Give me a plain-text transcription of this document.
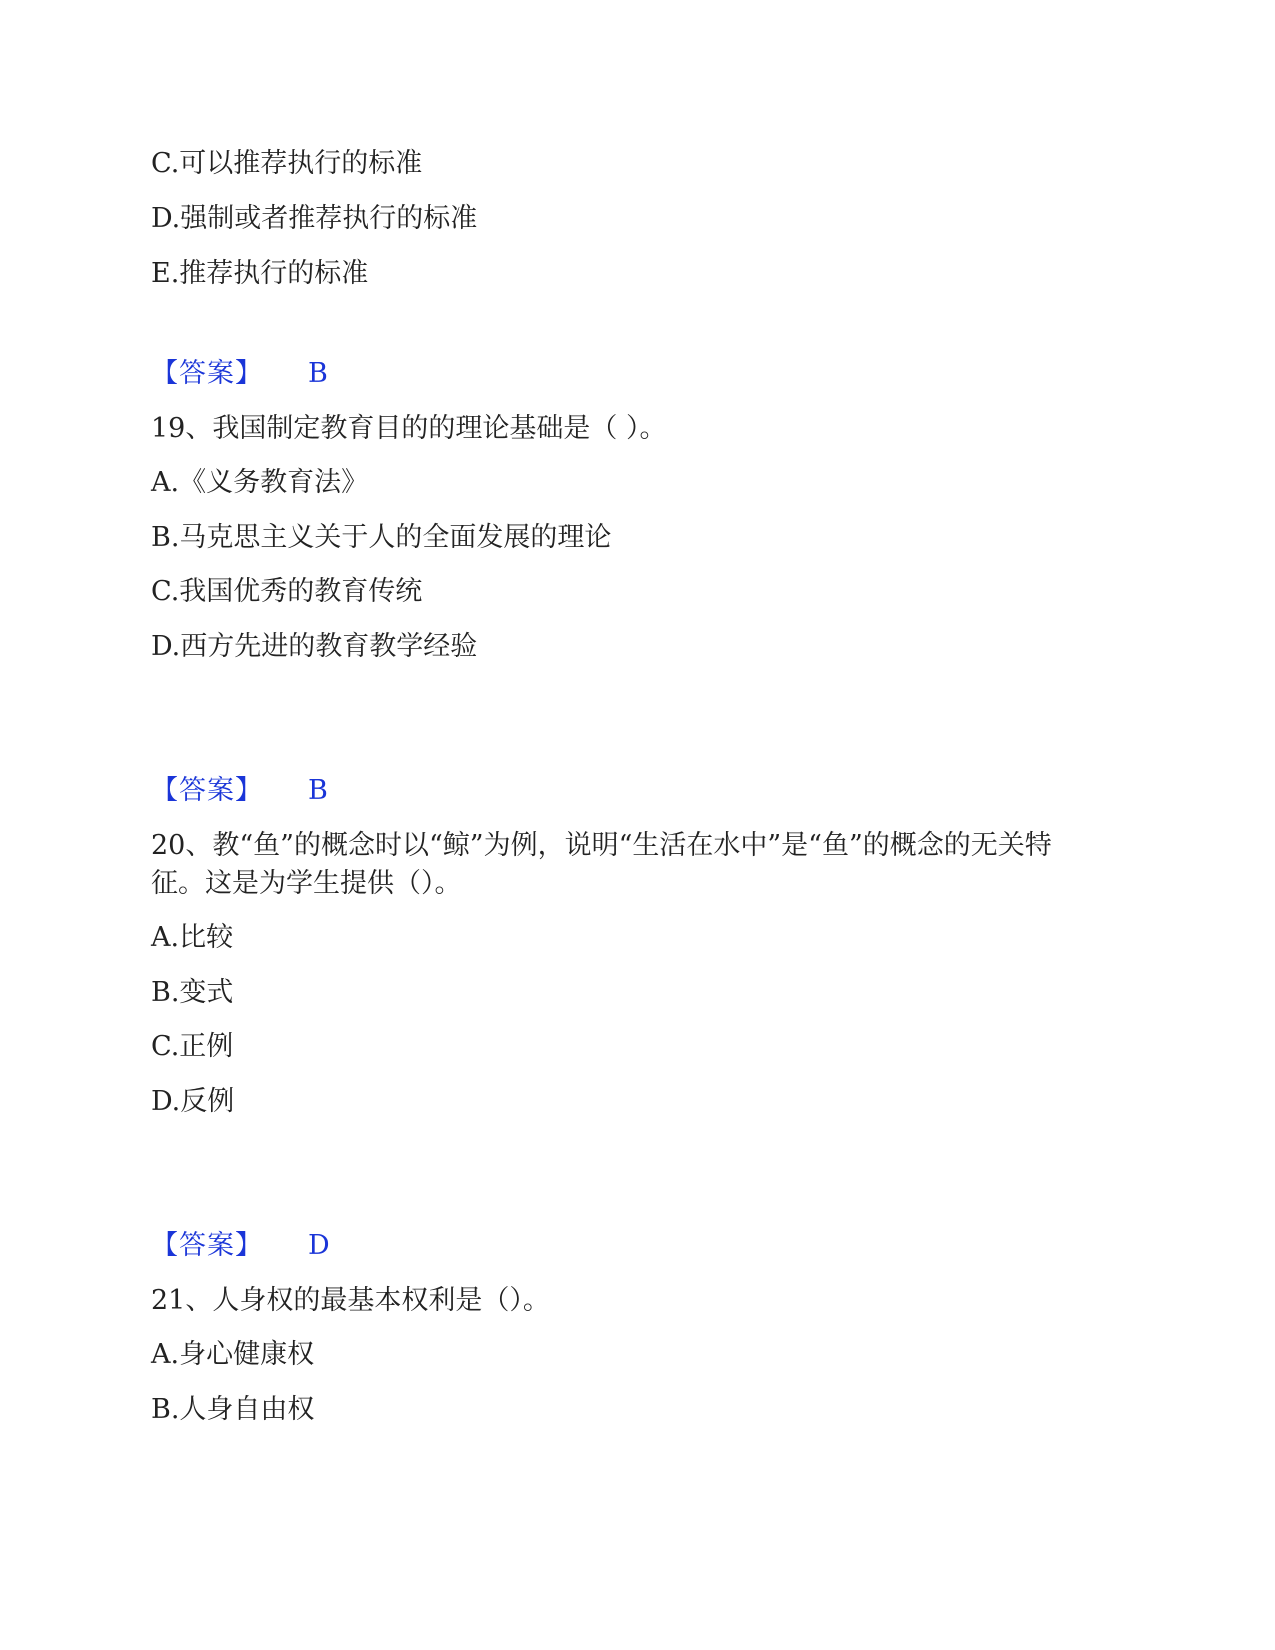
C.可以推荐执行的标准
D.强制或者推荐执行的标准
E.推荐执行的标准
【答案】 B
19、我国制定教育目的的理论基础是（ ）。
A.《义务教育法》
B.马克思主义关于人的全面发展的理论
C.我国优秀的教育传统
D.西方先进的教育教学经验
【答案】 B
20、教“鱼”的概念时以“鲸”为例，说明“生活在水中”是“鱼”的概念的无关特
征。这是为学生提供（）。
A.比较
B.变式
C.正例
D.反例
【答案】 D
21、人身权的最基本权利是（）。
A.身心健康权
B.人身自由权
